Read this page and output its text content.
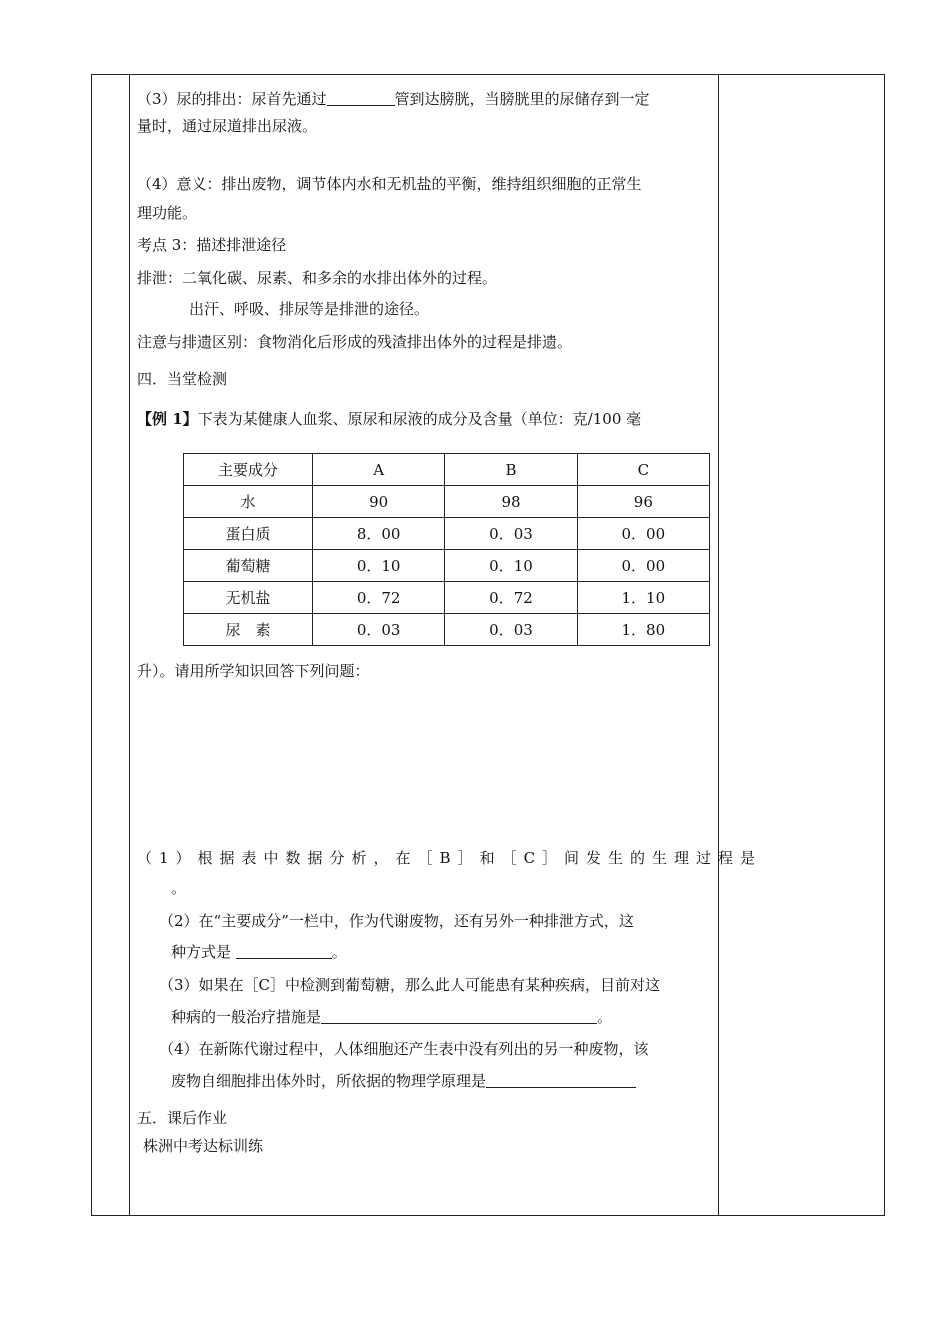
（3）尿的排出：尿首先通过	管到达膀胱，当膀胱里的尿储存到一定
量时，通过尿道排出尿液。
（4）意义：排出废物，调节体内水和无机盐的平衡，维持组织细胞的正常生
理功能。
考点 3：描述排泄途径
排泄：二氧化碳、尿素、和多余的水排出体外的过程。
出汗、呼吸、排尿等是排泄的途径。
注意与排遗区别：食物消化后形成的残渣排出体外的过程是排遗。
四．当堂检测
【例 1】下表为某健康人血浆、原尿和尿液的成分及含量（单位：克/100 毫
升）。请用所学知识回答下列问题：
（1）根据表中数据分析，在［B］和［C］间发生的生理过程是
。
（2）在“主要成分”一栏中，作为代谢废物，还有另外一种排泄方式，这
种方式是	。
（3）如果在［C］中检测到葡萄糖，那么此人可能患有某种疾病，目前对这
种病的一般治疗措施是	。
（4）在新陈代谢过程中，人体细胞还产生表中没有列出的另一种废物，该
废物自细胞排出体外时，所依据的物理学原理是
五．课后作业
株洲中考达标训练
主要成分	A	B	C
水	90	98	96
蛋白质	8．00	0．03	0．00
葡萄糖	0．10	0．10	0．00
无机盐	0．72	0．72	1．10
尿　素	0．03	0．03	1．80
